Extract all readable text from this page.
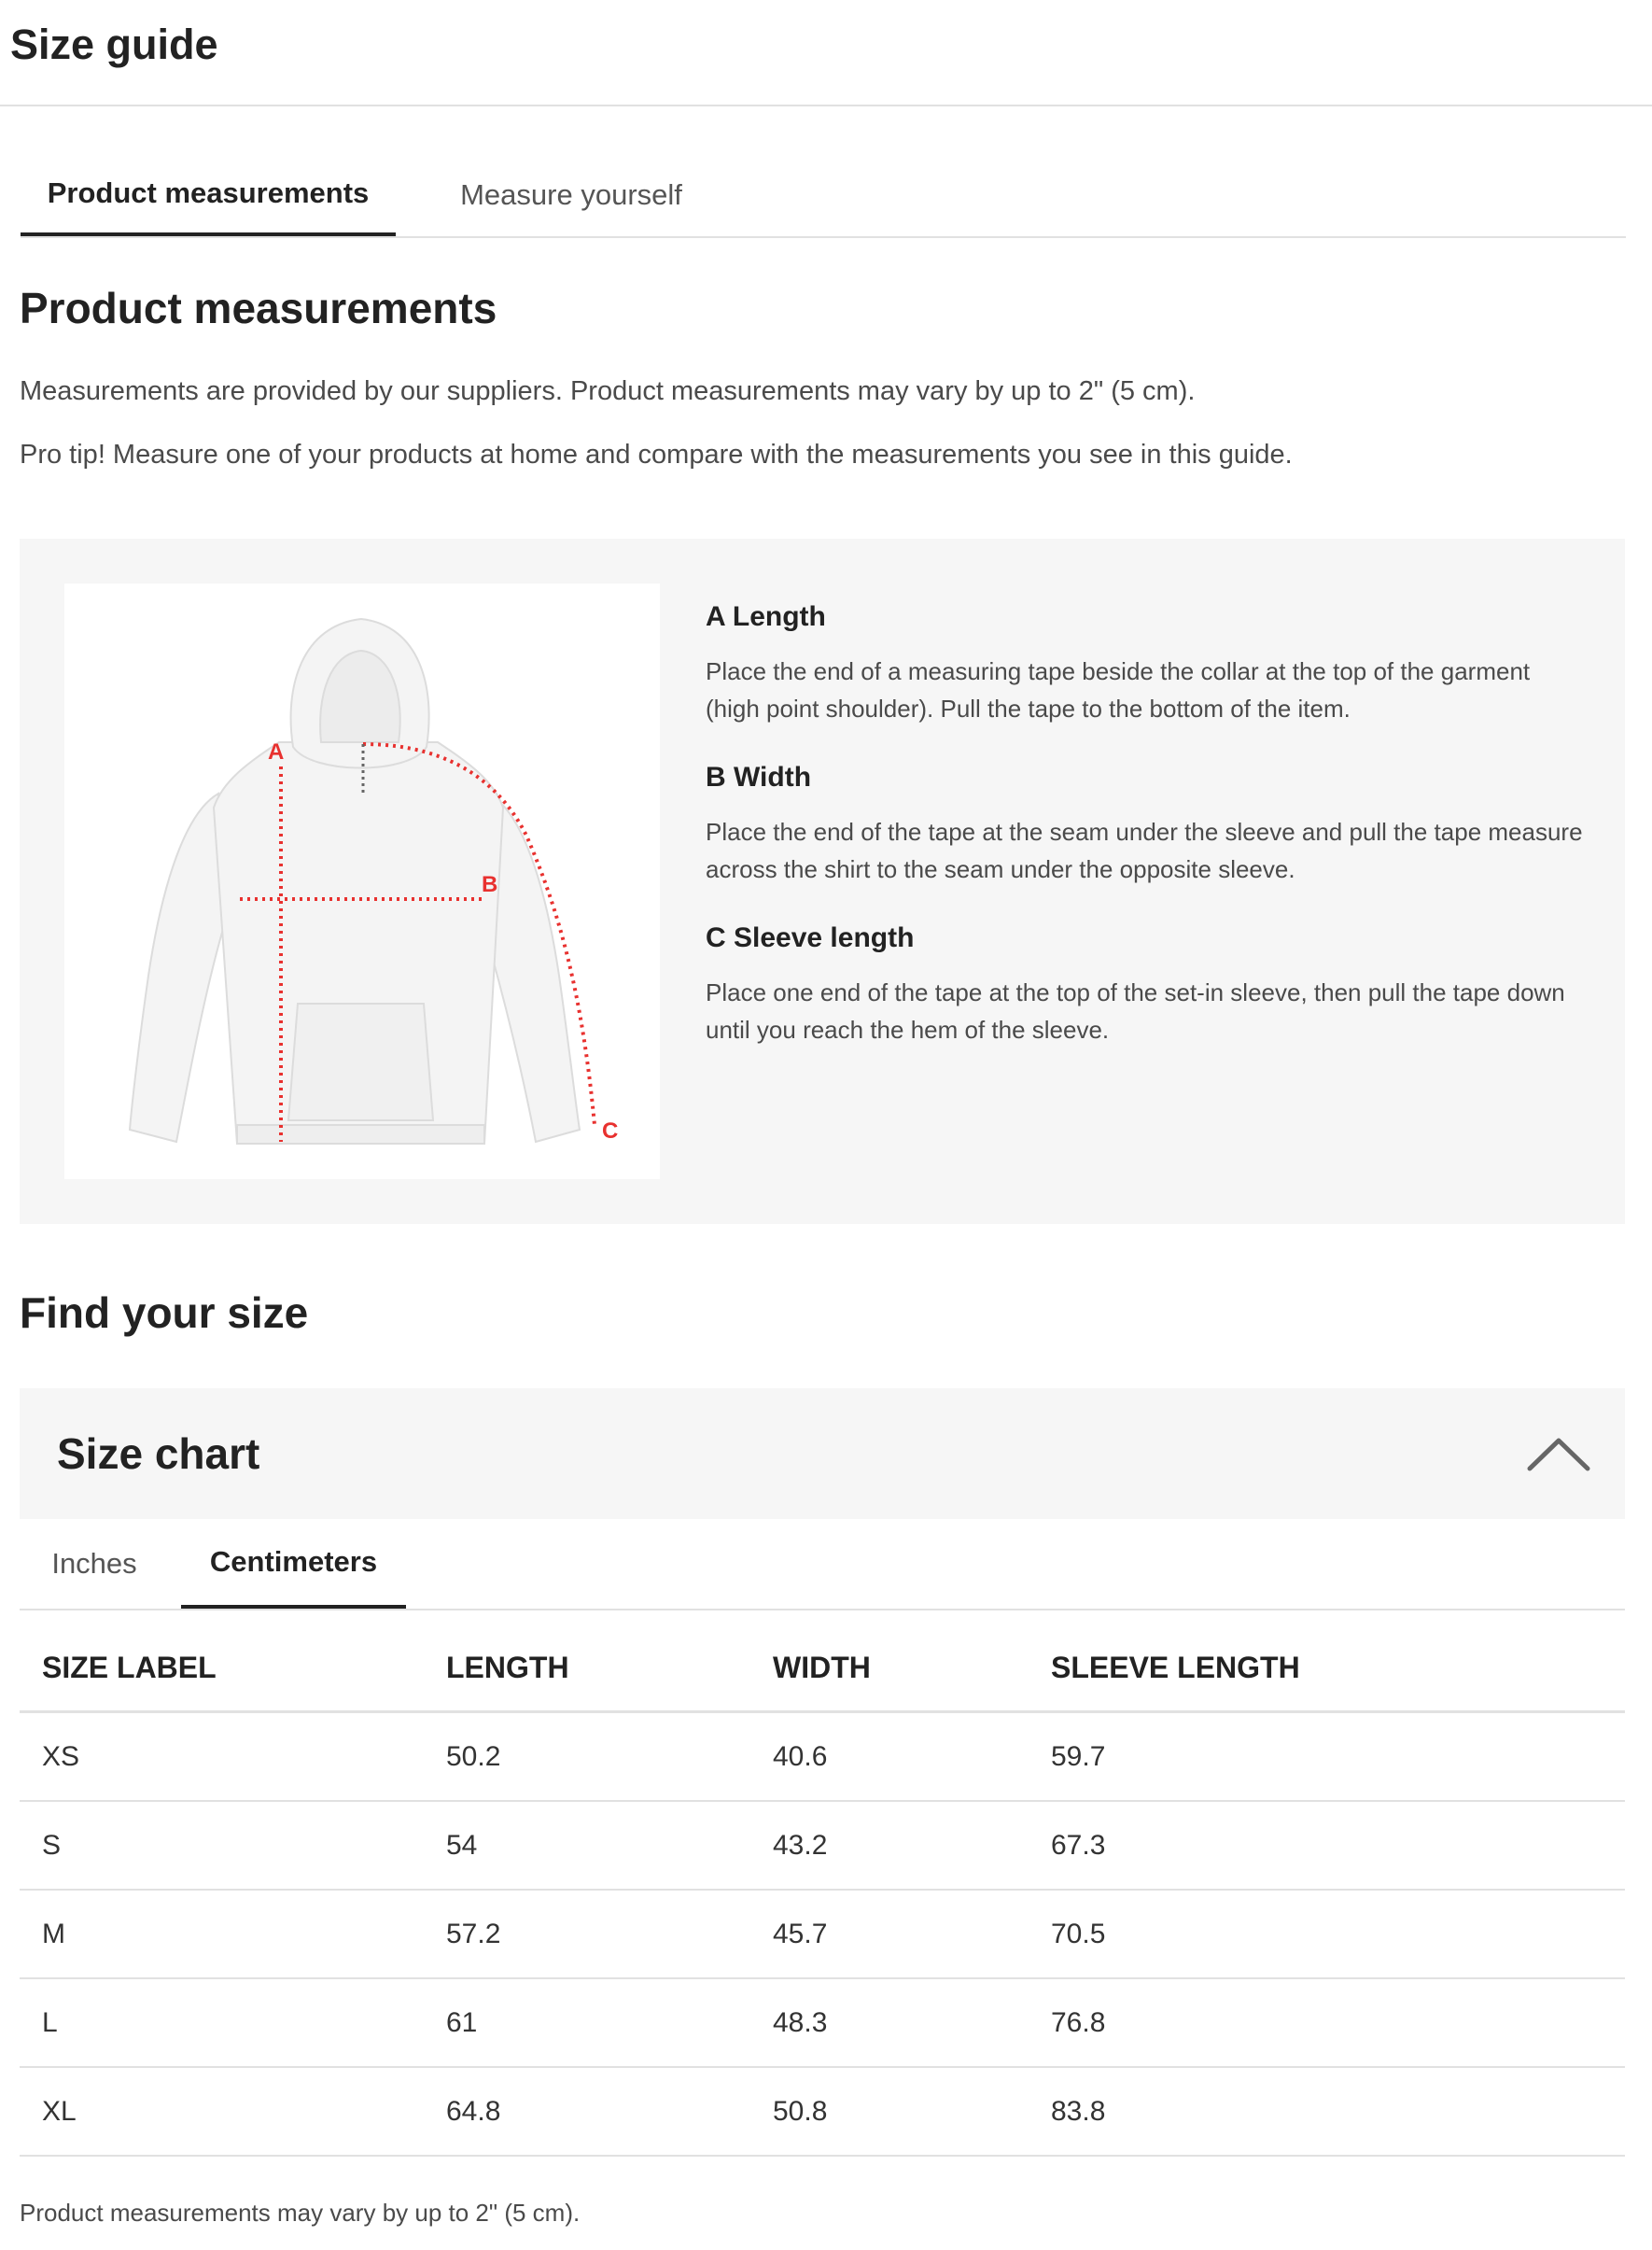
Size guide
Product measurements	Measure yourself
Product measurements
Measurements are provided by our suppliers. Product measurements may vary by up to 2" (5 cm).
Pro tip! Measure one of your products at home and compare with the measurements you see in this guide.
A
B
C
A Length
Place the end of a measuring tape beside the collar at the top of the garment (high point shoulder). Pull the tape to the bottom of the item.
B Width
Place the end of the tape at the seam under the sleeve and pull the tape measure across the shirt to the seam under the opposite sleeve.
C Sleeve length
Place one end of the tape at the top of the set-in sleeve, then pull the tape down until you reach the hem of the sleeve.
Find your size
Size chart
Inches	Centimeters
SIZE LABEL	LENGTH	WIDTH	SLEEVE LENGTH
XS	50.2	40.6	59.7
S	54	43.2	67.3
M	57.2	45.7	70.5
L	61	48.3	76.8
XL	64.8	50.8	83.8
Product measurements may vary by up to 2" (5 cm).
